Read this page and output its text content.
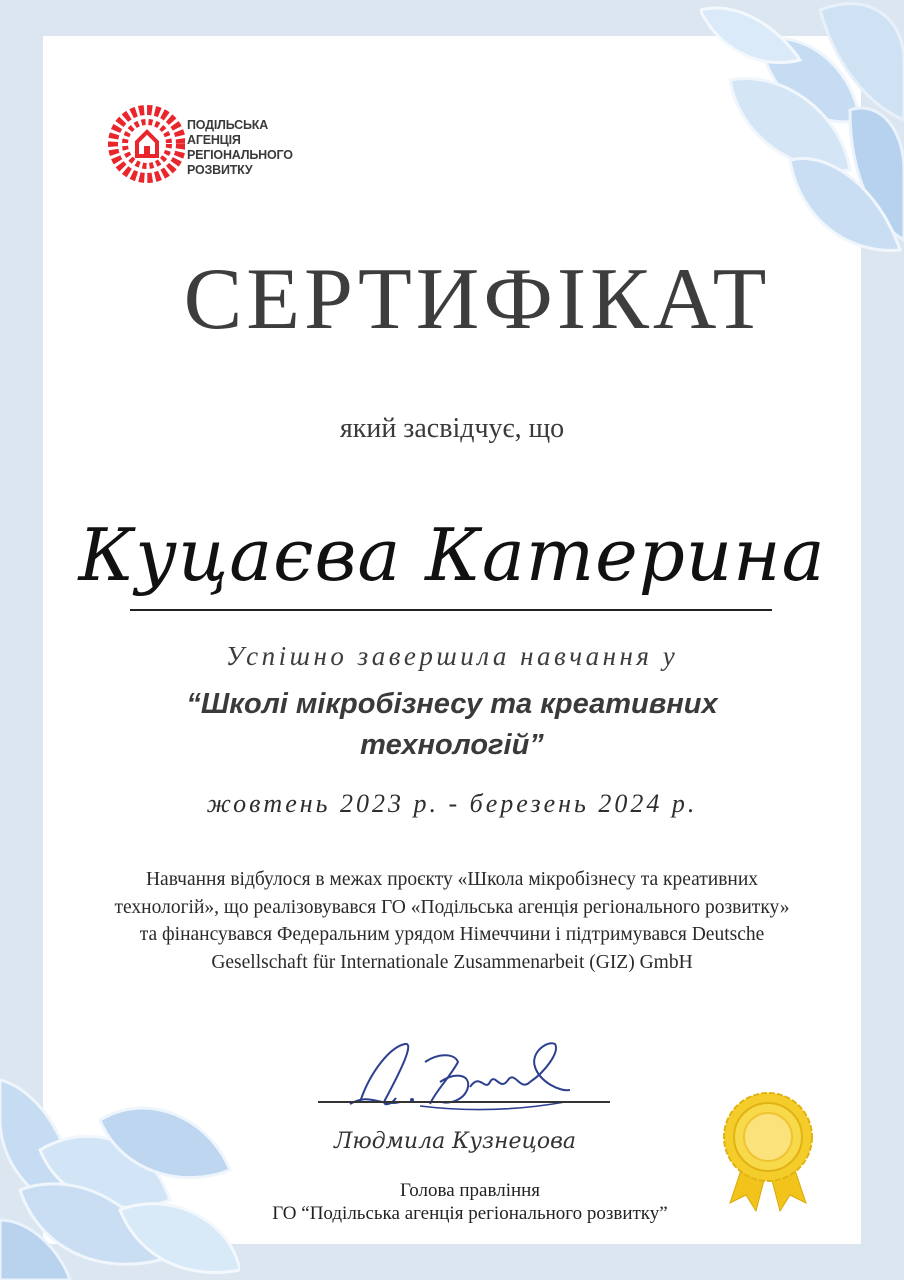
ПОДІЛЬСЬКА
АГЕНЦІЯ
РЕГІОНАЛЬНОГО
РОЗВИТКУ
СЕРТИФІКАТ
який засвідчує, що
Куцаєва Катерина
Успішно завершила навчання у
“Школі мікробізнесу та креативних технологій”
жовтень 2023 р. - березень 2024 р.
Навчання відбулося в межах проєкту «Школа мікробізнесу та креативних технологій», що реалізовувався ГО «Подільська агенція регіонального розвитку» та фінансувався Федеральним урядом Німеччини і підтримувався Deutsche Gesellschaft für Internationale Zusammenarbeit (GIZ) GmbH
Людмила Кузнецова
Голова правління
ГО “Подільська агенція регіонального розвитку”
